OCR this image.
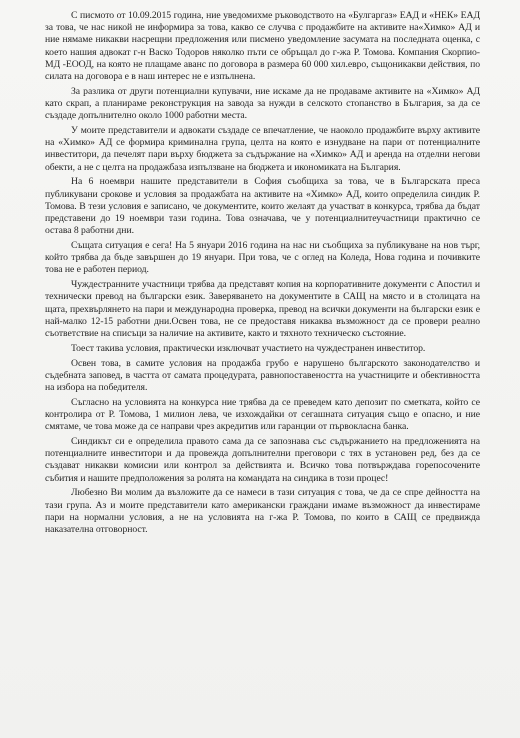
С писмото от 10.09.2015 година, ние уведомихме ръководството на «Булгаргаз» ЕАД и «НЕК» ЕАД за това, че нас никой не информира за това, какво се случва с продажбите на активите на«Химко» АД и ние нямаме никакви насрещни предложения или писмено уведомление засумата на последната оценка, с което нашия адвокат г-н Васко Тодоров няколко пъти се обръщал до г-жа Р. Томова. Компания Скорпио-МД -ЕООД, на която не плащаме аванс по договора в размера 60 000 хил.евро, същоникакви действия, по силата на договора е в наш интерес не е изпълнена.

За разлика от други потенциални купувачи, ние искаме да не продаваме активите на «Химко» АД като скрап, а планираме реконструкция на завода за нужди в селското стопанство в България, за да се създаде допълнително около 1000 работни места.

У моите представители и адвокати създаде се впечатление, че наоколо продажбите върху активите на «Химко» АД се формира криминална група, целта на която е изнудване на пари от потенциалните инвеститори, да печелят пари върху бюджета за съдържание на «Химко» АД и аренда на отделни негови обекти, а не с целта на продажбаза изпълзване на бюджета и икономиката на България.

На 6 ноември нашите представители в София съобщиха за това, че в Българската преса публикувани срокове и условия за продажбата на активите на «Химко» АД, които определила синдик Р. Томова. В тези условия е записано, че документите, които желаят да участват в конкурса, трябва да бъдат представени до 19 ноември тази година. Това означава, че у потенциалнитеучастници практично се остава 8 работни дни.

Същата ситуация е сега! На 5 януари 2016 година на нас ни съобщиха за публикуване на нов търг, който трябва да бъде завършен до 19 януари. При това, че с оглед на Коледа, Нова година и почивките това не е работен период.

Чуждестранните участници трябва да представят копия на корпоративните документи с Апостил и технически превод на български език. Заверяването на документите в САЩ на място и в столицата на щата, прехвърлянето на пари и международна проверка, превод на всички документи на български език е най-малко 12-15 работни дни.Освен това, не се предоставя никаква възможност да се провери реално съответствие на списъци за наличие на активите, както и тяхното техническо състояние.

Тоест такива условия, практически изключват участието на чуждестранен инвеститор.

Освен това, в самите условия на продажба грубо е нарушено българското законодателство и съдебната заповед, в частта от самата процедурата, равнопоставеността на участниците и обективността на избора на победителя.

Съгласно на условията на конкурса ние трябва да се преведем като депозит по сметката, който се контролира от Р. Томова, 1 милион лева, че изхождайки от сегашната ситуация също е опасно, и ние смятаме, че това може да се направи чрез акредитив или гаранции от първокласна банка.

Синдикът си е определила правото сама да се запознава със съдържанието на предложенията на потенциалните инвеститори и да провежда допълнителни преговори с тях в установен ред, без да се създават никакви комисии или контрол за действията и. Всичко това потвърждава горепосочените събития и нашите предположения за ролята на командата на синдика в този процес!

Любезно Ви молим да възложите да се намеси в тази ситуация с това, че да се спре дейността на тази група. Аз и моите представители като американски граждани имаме възможност да инвестираме пари на нормални условия, а не на условията на г-жа Р. Томова, по които в САЩ се предвижда наказателна отговорност.
